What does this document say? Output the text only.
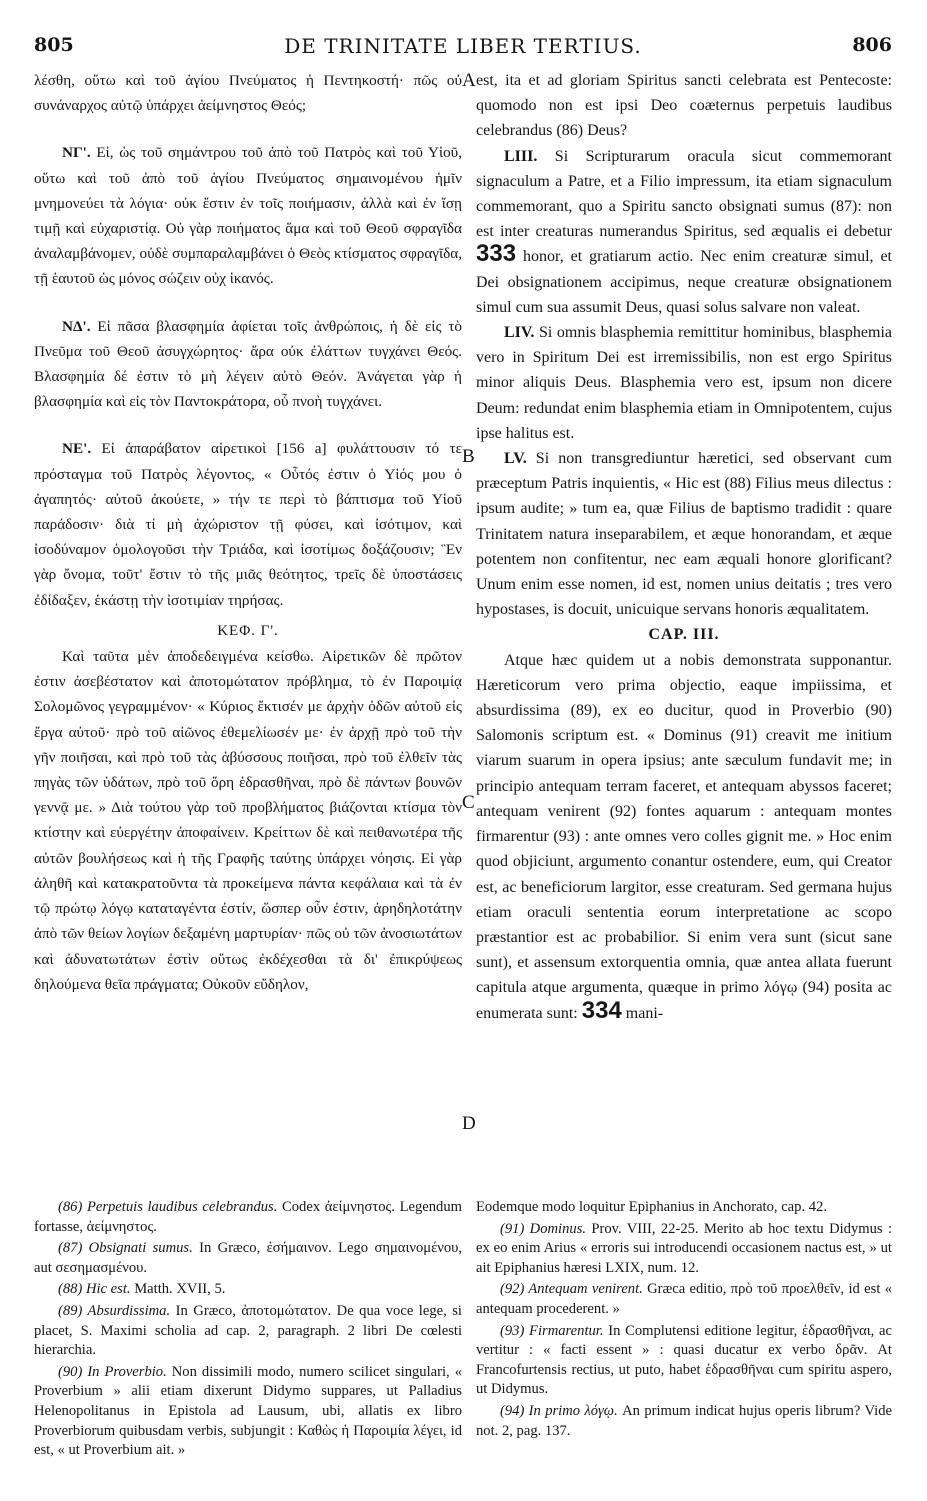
805	DE TRINITATE LIBER TERTIUS.	806

λέσθη, οὕτω καὶ τοῦ ἁγίου Πνεύματος ἡ Πεντηκοστή· πῶς οὐ συνάναρχος αὐτῷ ὑπάρχει ἀείμνηστος Θεός;

ΝΓ'. Εἰ, ὡς τοῦ σημάντρου τοῦ ἀπὸ τοῦ Πατρὸς καὶ τοῦ Υἱοῦ, οὕτω καὶ τοῦ ἀπὸ τοῦ ἁγίου Πνεύματος σημαινομένου ἡμῖν μνημονεύει τὰ λόγια· οὐκ ἔστιν ἐν τοῖς ποιήμασιν, ἀλλὰ καὶ ἐν ἴσῃ τιμῇ καὶ εὐχαριστίᾳ. Οὐ γὰρ ποιήματος ἅμα καὶ τοῦ Θεοῦ σφραγῖδα ἀναλαμβάνομεν, οὐδὲ συμπαραλαμβάνει ὁ Θεὸς κτίσματος σφραγῖδα, τῇ ἑαυτοῦ ὡς μόνος σώζειν οὐχ ἱκανός.

ΝΔ'. Εἰ πᾶσα βλασφημία ἀφίεται τοῖς ἀνθρώποις, ἡ δὲ εἰς τὸ Πνεῦμα τοῦ Θεοῦ ἀσυγχώρητος· ἄρα οὐκ ἐλάττων τυγχάνει Θεός. Βλασφημία δέ ἐστιν τὸ μὴ λέγειν αὐτὸ Θεόν. Ἀνάγεται γὰρ ἡ βλασφημία καὶ εἰς τὸν Παντοκράτορα, οὗ πνοὴ τυγχάνει.

ΝΕ'. Εἰ ἀπαράβατον αἱρετικοὶ [156 a] φυλάττουσιν τό τε πρόσταγμα τοῦ Πατρὸς λέγοντος, « Οὗτός ἐστιν ὁ Υἱός μου ὁ ἀγαπητός· αὐτοῦ ἀκούετε, » τήν τε περὶ τὸ βάπτισμα τοῦ Υἱοῦ παράδοσιν· διὰ τί μὴ ἀχώριστον τῇ φύσει, καὶ ἰσότιμον, καὶ ἰσοδύναμον ὁμολογοῦσι τὴν Τριάδα, καὶ ἰσοτίμως δοξάζουσιν; Ἓν γὰρ ὄνομα, τοῦτ' ἔστιν τὸ τῆς μιᾶς θεότητος, τρεῖς δὲ ὑποστάσεις ἐδίδαξεν, ἑκάστῃ τὴν ἰσοτιμίαν τηρήσας.

ΚΕΦ. Γ'.

Καὶ ταῦτα μὲν ἀποδεδειγμένα κείσθω. Αἱρετικῶν δὲ πρῶτον ἐστιν ἀσεβέστατον καὶ ἀποτομώτατον πρόβλημα, τὸ ἐν Παροιμίᾳ Σολομῶνος γεγραμμένον· « Κύριος ἔκτισέν με ἀρχὴν ὁδῶν αὐτοῦ εἰς ἔργα αὐτοῦ· πρὸ τοῦ αἰῶνος ἐθεμελίωσέν με· ἐν ἀρχῇ πρὸ τοῦ τὴν γῆν ποιῆσαι, καὶ πρὸ τοῦ τὰς ἀβύσσους ποιῆσαι, πρὸ τοῦ ἐλθεῖν τὰς πηγὰς τῶν ὑδάτων, πρὸ τοῦ ὄρη ἑδρασθῆναι, πρὸ δὲ πάντων βουνῶν γεννᾷ με. » Διὰ τούτου γὰρ τοῦ προβλήματος βιάζονται κτίσμα τὸν κτίστην καὶ εὐεργέτην ἀποφαίνειν. Κρείττων δὲ καὶ πειθανωτέρα τῆς αὐτῶν βουλήσεως καὶ ἡ τῆς Γραφῆς ταύτης ὑπάρχει νόησις. Εἰ γὰρ ἀληθῆ καὶ κατακρατοῦντα τὰ προκείμενα πάντα κεφάλαια καὶ τὰ ἐν τῷ πρώτῳ λόγῳ καταταγέντα ἐστίν, ὥσπερ οὖν ἐστιν, ἀρηδηλοτάτην ἀπὸ τῶν θείων λογίων δεξαμένη μαρτυρίαν· πῶς οὐ τῶν ἀνοσιωτάτων καὶ ἀδυνατωτάτων ἐστὶν οὕτως ἐκδέχεσθαι τὰ δι' ἐπικρύψεως δηλούμενα θεῖα πράγματα; Οὐκοῦν εὔδηλον,

A
B
C
D

est, ita et ad gloriam Spiritus sancti celebrata est Pentecoste: quomodo non est ipsi Deo coæternus perpetuis laudibus celebrandus (86) Deus?

LIII. Si Scripturarum oracula sicut commemorant signaculum a Patre, et a Filio impressum, ita etiam signaculum commemorant, quo a Spiritu sancto obsignati sumus (87): non est inter creaturas numerandus Spiritus, sed æqualis ei debetur 333 honor, et gratiarum actio. Nec enim creaturæ simul, et Dei obsignationem accipimus, neque creaturæ obsignationem simul cum sua assumit Deus, quasi solus salvare non valeat.

LIV. Si omnis blasphemia remittitur hominibus, blasphemia vero in Spiritum Dei est irremissibilis, non est ergo Spiritus minor aliquis Deus. Blasphemia vero est, ipsum non dicere Deum: redundat enim blasphemia etiam in Omnipotentem, cujus ipse halitus est.

LV. Si non transgrediuntur hæretici, sed observant cum præceptum Patris inquientis, « Hic est (88) Filius meus dilectus : ipsum audite; » tum ea, quæ Filius de baptismo tradidit : quare Trinitatem natura inseparabilem, et æque honorandam, et æque potentem non confitentur, nec eam æquali honore glorificant? Unum enim esse nomen, id est, nomen unius deitatis ; tres vero hypostases, is docuit, unicuique servans honoris æqualitatem.

CAP. III.

Atque hæc quidem ut a nobis demonstrata supponantur. Hæreticorum vero prima objectio, eaque impiissima, et absurdissima (89), ex eo ducitur, quod in Proverbio (90) Salomonis scriptum est. « Dominus (91) creavit me initium viarum suarum in opera ipsius; ante sæculum fundavit me; in principio antequam terram faceret, et antequam abyssos faceret; antequam venirent (92) fontes aquarum : antequam montes firmarentur (93) : ante omnes vero colles gignit me. » Hoc enim quod objiciunt, argumento conantur ostendere, eum, qui Creator est, ac beneficiorum largitor, esse creaturam. Sed germana hujus etiam oraculi sententia eorum interpretatione ac scopo præstantior est ac probabilior. Si enim vera sunt (sicut sane sunt), et assensum extorquentia omnia, quæ antea allata fuerunt capitula atque argumenta, quæque in primo λόγῳ (94) posita ac enumerata sunt: 334 mani-

(86) Perpetuis laudibus celebrandus. Codex ἀείμνηστος. Legendum fortasse, ἀείμνηστος.

(87) Obsignati sumus. In Græco, ἐσήμαινον. Lego σημαινομένου, aut σεσημασμένου.

(88) Hic est. Matth. XVII, 5.

(89) Absurdissima. In Græco, ἀποτομώτατον. De qua voce lege, si placet, S. Maximi scholia ad cap. 2, paragraph. 2 libri De cœlesti hierarchia.

(90) In Proverbio. Non dissimili modo, numero scilicet singulari, « Proverbium » alii etiam dixerunt Didymo suppares, ut Palladius Helenopolitanus in Epistola ad Lausum, ubi, allatis ex libro Proverbiorum quibusdam verbis, subjungit : Καθὼς ἡ Παροιμία λέγει, id est, « ut Proverbium ait. »

Eodemque modo loquitur Epiphanius in Anchorato, cap. 42.

(91) Dominus. Prov. VIII, 22-25. Merito ab hoc textu Didymus : ex eo enim Arius « erroris sui introducendi occasionem nactus est, » ut ait Epiphanius hæresi LXIX, num. 12.

(92) Antequam venirent. Græca editio, πρὸ τοῦ προελθεῖν, id est « antequam procederent. »

(93) Firmarentur. In Complutensi editione legitur, ἑδρασθῆναι, ac vertitur : « facti essent » : quasi ducatur ex verbo δρᾶν. At Francofurtensis rectius, ut puto, habet ἑδρασθῆναι cum spiritu aspero, ut Didymus.

(94) In primo λόγῳ. An primum indicat hujus operis librum? Vide not. 2, pag. 137.
